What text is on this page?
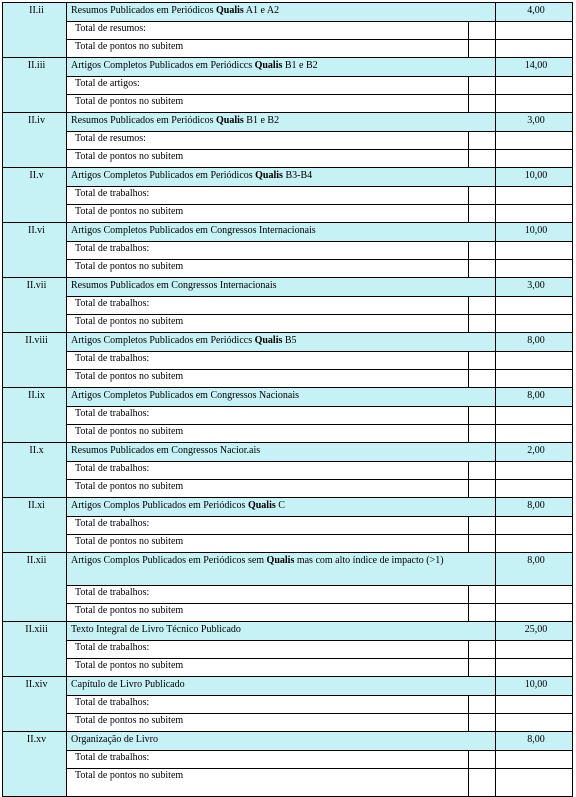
II.ii	Resumos Publicados em Periódicos Qualis A1 e A2		4,00
	Total de resumos:		
	Total de pontos no subitem		
II.iii	Artigos Completos Publicados em Periódiccs Qualis B1 e B2		14,00
	Total de artigos:		
	Total de pontos no subitem		
II.iv	Resumos Publicados em Periódicos Qualis B1 e B2		3,00
	Total de resumos:		
	Total de pontos no subitem		
II.v	Artigos Completos Publicados em Periódicos Qualis B3-B4		10,00
	Total de trabalhos:		
	Total de pontos no subitem		
II.vi	Artigos Completos Publicados em Congressos Internacionais		10,00
	Total de trabalhos:		
	Total de pontos no subitem		
II.vii	Resumos Publicados em Congressos Internacionais		3,00
	Total de trabalhos:		
	Total de pontos no subitem		
II.viii	Artigos Completos Publicados em Periódiccs Qualis B5		8,00
	Total de trabalhos:		
	Total de pontos no subitem		
II.ix	Artigos Completos Publicados em Congressos Nacionais		8,00
	Total de trabalhos:		
	Total de pontos no subitem		
II.x	Resumos Publicados em Congressos Nacior.ais		2,00
	Total de trabalhos:		
	Total de pontos no subitem		
II.xi	Artigos Complos Publicados em Periódicos Qualis C		8,00
	Total de trabalhos:		
	Total de pontos no subitem		
II.xii	Artigos Complos Publicados em Periódicos sem Qualis mas com alto índice de impacto (>1)		8,00
	Total de trabalhos:		
	Total de pontos no subitem		
II.xiii	Texto Integral de Livro Técnico Publicado		25,00
	Total de trabalhos:		
	Total de pontos no subitem		
II.xiv	Capítulo de Livro Publicado		10,00
	Total de trabalhos:		
	Total de pontos no subitem		
II.xv	Organização de Livro		8,00
	Total de trabalhos:		
	Total de pontos no subitem		
